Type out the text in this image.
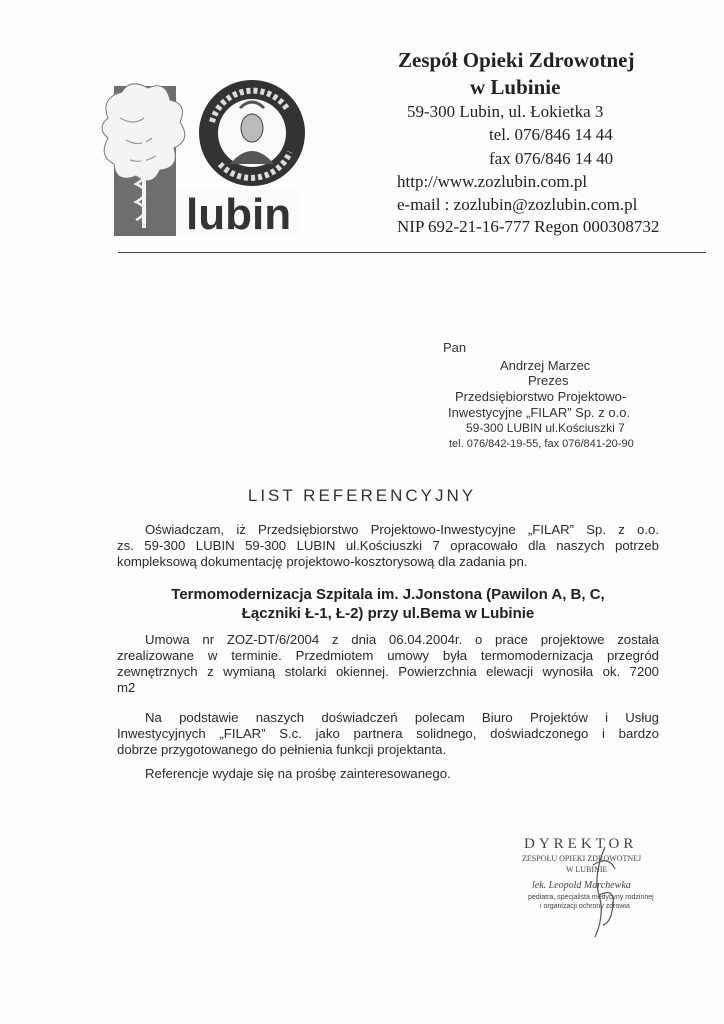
lubin
Zespół Opieki Zdrowotnej
w Lubinie
59-300 Lubin, ul. Łokietka 3
tel. 076/846 14 44
fax 076/846 14 40
http://www.zozlubin.com.pl
e-mail : zozlubin@zozlubin.com.pl
NIP 692-21-16-777 Regon 000308732
Pan
Andrzej Marzec
Prezes
Przedsiębiorstwo Projektowo-
Inwestycyjne „FILAR” Sp. z o.o.
59-300 LUBIN ul.Kościuszki 7
tel. 076/842-19-55, fax 076/841-20-90
LIST REFERENCYJNY

Oświadczam, iż Przedsiębiorstwo Projektowo-Inwestycyjne „FILAR” Sp. z o.o.
zs. 59-300 LUBIN 59-300 LUBIN ul.Kościuszki 7 opracowało dla naszych potrzeb
kompleksową dokumentację projektowo-kosztorysową dla zadania pn.

Termomodernizacja Szpitala im. J.Jonstona (Pawilon A, B, C,
Łączniki Ł-1, Ł-2) przy ul.Bema w Lubinie

Umowa nr ZOZ-DT/6/2004 z dnia 06.04.2004r. o prace projektowe została
zrealizowane w terminie. Przedmiotem umowy była termomodernizacja przegród
zewnętrznych z wymianą stolarki okiennej. Powierzchnia elewacji wynosiła ok. 7200
m2

Na podstawie naszych doświadczeń polecam Biuro Projektów i Usług
Inwestycyjnych „FILAR” S.c. jako partnera solidnego, doświadczonego i bardzo
dobrze przygotowanego do pełnienia funkcji projektanta.

Referencje wydaje się na prośbę zainteresowanego.

DYREKTOR
ZESPOŁU OPIEKI ZDROWOTNEJ
W LUBINIE
lek. Leopold Marchewka
pediatra, specjalista medycyny rodzinnej
i organizacji ochrony zdrowia
